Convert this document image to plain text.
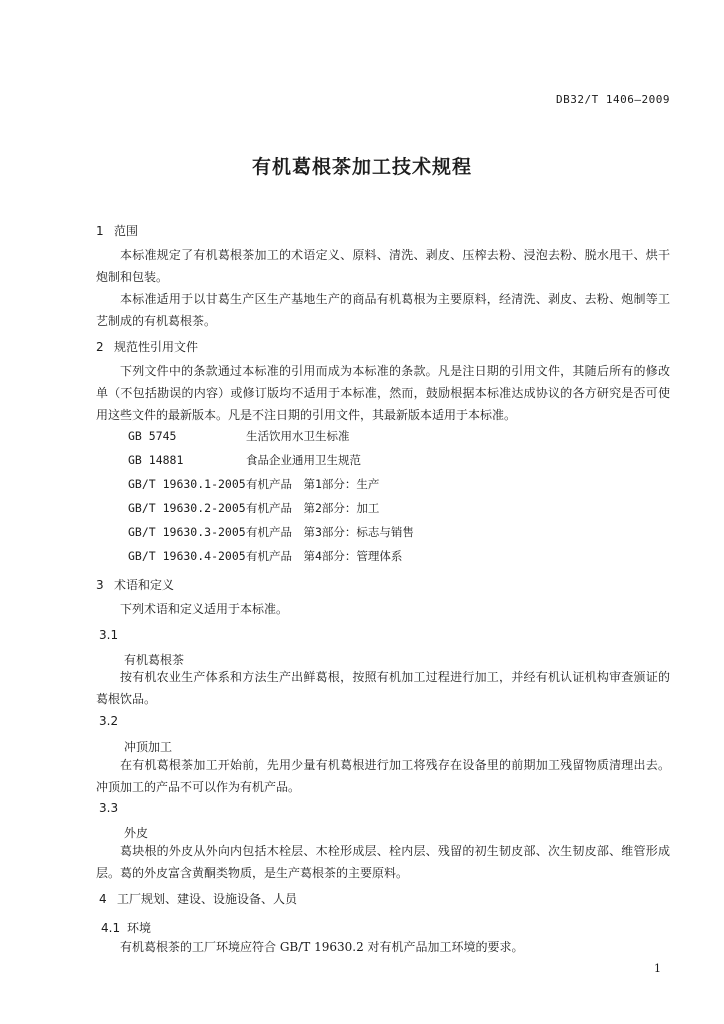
DB32/T 1406—2009
有机葛根茶加工技术规程
1 范围
本标准规定了有机葛根茶加工的术语定义、原料、清洗、剥皮、压榨去粉、浸泡去粉、脱水甩干、烘干炮制和包装。
本标准适用于以甘葛生产区生产基地生产的商品有机葛根为主要原料，经清洗、剥皮、去粉、炮制等工艺制成的有机葛根茶。
2 规范性引用文件
下列文件中的条款通过本标准的引用而成为本标准的条款。凡是注日期的引用文件，其随后所有的修改单（不包括勘误的内容）或修订版均不适用于本标准，然而，鼓励根据本标准达成协议的各方研究是否可使用这些文件的最新版本。凡是不注日期的引用文件，其最新版本适用于本标准。
GB 5745	生活饮用水卫生标准
GB 14881	食品企业通用卫生规范
GB/T 19630.1-2005有机产品　第1部分：生产
GB/T 19630.2-2005有机产品　第2部分：加工
GB/T 19630.3-2005有机产品　第3部分：标志与销售
GB/T 19630.4-2005有机产品　第4部分：管理体系
3 术语和定义
下列术语和定义适用于本标准。
3.1
有机葛根茶
按有机农业生产体系和方法生产出鲜葛根，按照有机加工过程进行加工，并经有机认证机构审查颁证的葛根饮品。
3.2
冲顶加工
在有机葛根茶加工开始前，先用少量有机葛根进行加工将残存在设备里的前期加工残留物质清理出去。冲顶加工的产品不可以作为有机产品。
3.3
外皮
葛块根的外皮从外向内包括木栓层、木栓形成层、栓内层、残留的初生韧皮部、次生韧皮部、维管形成层。葛的外皮富含黄酮类物质，是生产葛根茶的主要原料。
4 工厂规划、建设、设施设备、人员
4.1 环境
有机葛根茶的工厂环境应符合 GB/T 19630.2 对有机产品加工环境的要求。
1
